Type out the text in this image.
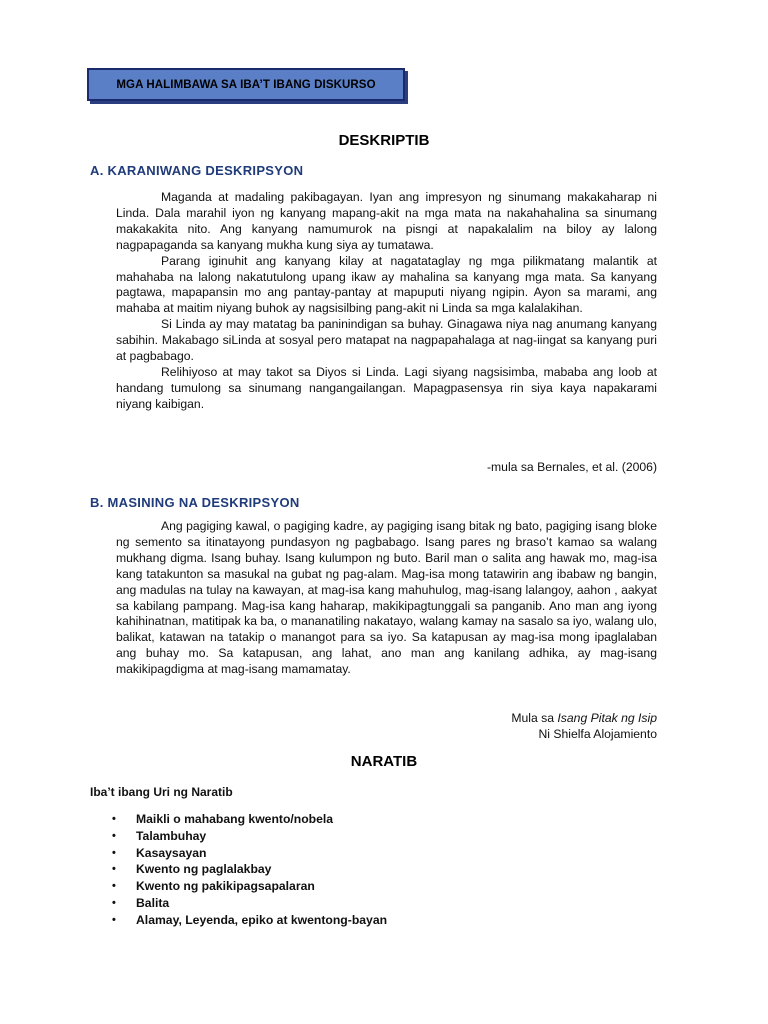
MGA HALIMBAWA SA IBA’T IBANG DISKURSO
DESKRIPTIB
A. KARANIWANG DESKRIPSYON

Maganda at madaling pakibagayan. Iyan ang impresyon ng sinumang makakaharap ni Linda. Dala marahil iyon ng kanyang mapang-akit na mga mata na nakahahalina sa sinumang makakakita nito. Ang kanyang namumurok na pisngi at napakalalim na biloy ay lalong nagpapaganda sa kanyang mukha kung siya ay tumatawa.

Parang iginuhit ang kanyang kilay at nagatataglay ng mga pilikmatang malantik at mahahaba na lalong nakatutulong upang ikaw ay mahalina sa kanyang mga mata. Sa kanyang pagtawa, mapapansin mo ang pantay-pantay at mapuputi niyang ngipin. Ayon sa marami, ang mahaba at maitim niyang buhok ay nagsisilbing pang-akit ni Linda sa mga kalalakihan.

Si Linda ay may matatag ba paninindigan sa buhay. Ginagawa niya nag anumang kanyang sabihin. Makabago siLinda at sosyal pero matapat na nagpapahalaga at nag-iingat sa kanyang puri at pagbabago.

Relihiyoso at may takot sa Diyos si Linda. Lagi siyang nagsisimba, mababa ang loob at handang tumulong sa sinumang nangangailangan. Mapagpasensya rin siya kaya napakarami niyang kaibigan.

-mula sa Bernales, et al. (2006)
B. MASINING NA DESKRIPSYON

Ang pagiging kawal, o pagiging kadre, ay pagiging isang bitak ng bato, pagiging isang bloke ng semento sa itinatayong pundasyon ng pagbabago. Isang pares ng braso’t kamao sa walang mukhang digma. Isang buhay. Isang kulumpon ng buto. Baril man o salita ang hawak mo, mag-isa kang tatakunton sa masukal na gubat ng pag-alam. Mag-isa mong tatawirin ang ibabaw ng bangin, ang madulas na tulay na kawayan, at mag-isa kang mahuhulog, mag-isang lalangoy, aahon , aakyat sa kabilang pampang. Mag-isa kang haharap, makikipagtunggali sa panganib. Ano man ang iyong kahihinatnan, matitipak ka ba, o mananatiling nakatayo, walang kamay na sasalo sa iyo, walang ulo, balikat, katawan na tatakip o manangot para sa iyo. Sa katapusan ay mag-isa mong ipaglalaban ang buhay mo. Sa katapusan, ang lahat, ano man ang kanilang adhika, ay mag-isang makikipagdigma at mag-isang mamamatay.

Mula sa Isang Pitak ng Isip
Ni Shielfa Alojamiento
NARATIB
Iba’t ibang Uri ng Naratib
• Maikli o mahabang kwento/nobela
• Talambuhay
• Kasaysayan
• Kwento ng paglalakbay
• Kwento ng pakikipagsapalaran
• Balita
• Alamay, Leyenda, epiko at kwentong-bayan
